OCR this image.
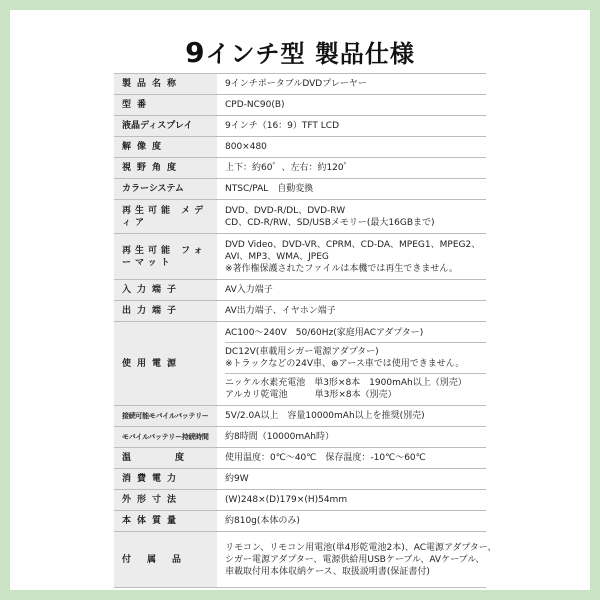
9インチ型 製品仕様
製品名称	9インチポータブルDVDプレーヤー

型番	CPD-NC90(B)

液晶ディスプレイ	9インチ（16：9）TFT LCD

解像度	800×480

視野角度	上下：約60゜、左右：約120゜

カラーシステム	NTSC/PAL　自動変換

再生可能 メディア	DVD、DVD-R/DL、DVD-RW
CD、CD-R/RW、SD/USBメモリー(最大16GBまで)

再生可能 フォーマット	DVD Video、DVD-VR、CPRM、CD-DA、MPEG1、MPEG2、
AVI、MP3、WMA、JPEG
※著作権保護されたファイルは本機では再生できません。

入力端子	AV入力端子

出力端子	AV出力端子、イヤホン端子

使用電源	AC100～240V　50/60Hz(家庭用ACアダプター)
DC12V(車載用シガー電源アダプター)
※トラックなどの24V車、⊕アース車では使用できません。
ニッケル水素充電池　単3形×8本　1900mAh以上（別売）
アルカリ乾電池　　　単3形×8本（別売）

接続可能モバイルバッテリー	5V/2.0A以上　容量10000mAh以上を推奨(別売)

モバイルバッテリー持続時間	約8時間（10000mAh時）

温度	使用温度：0℃～40℃　保存温度：-10℃～60℃

消費電力	約9W

外形寸法	(W)248×(D)179×(H)54mm

本体質量	約810g(本体のみ)

付属品	リモコン、リモコン用電池(単4形乾電池2本)、AC電源アダプター、
シガー電源アダプター、電源供給用USBケーブル、AVケーブル、
車載取付用本体収納ケース、取扱説明書(保証書付)
